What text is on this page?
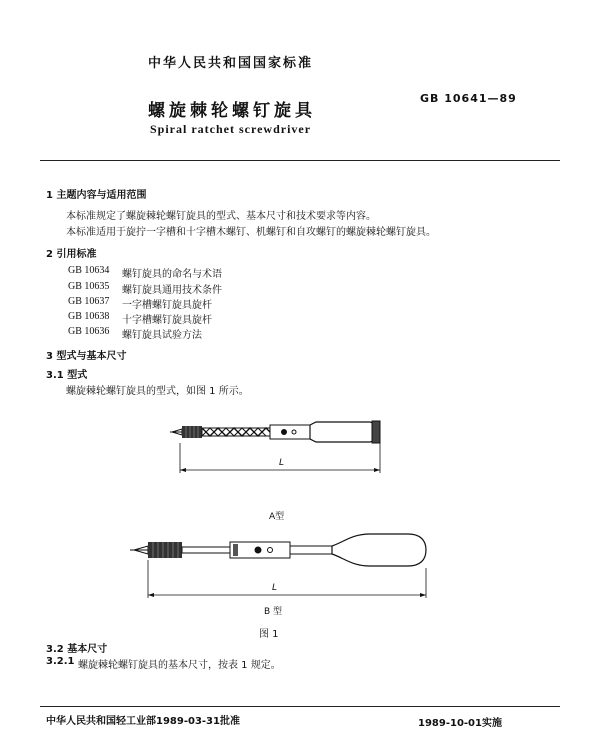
中华人民共和国国家标准
螺旋棘轮螺钉旋具
GB 10641—89
Spiral ratchet screwdriver
1 主题内容与适用范围
本标准规定了螺旋棘轮螺钉旋具的型式、基本尺寸和技术要求等内容。
本标准适用于旋拧一字槽和十字槽木螺钉、机螺钉和自攻螺钉的螺旋棘轮螺钉旋具。
2 引用标准
GB 10634 螺钉旋具的命名与术语
GB 10635 螺钉旋具通用技术条件
GB 10637 一字槽螺钉旋具旋杆
GB 10638 十字槽螺钉旋具旋杆
GB 10636 螺钉旋具试验方法
3 型式与基本尺寸
3.1 型式
螺旋棘轮螺钉旋具的型式，如图 1 所示。
L
A型
L
B 型
图 1
3.2 基本尺寸
3.2.1 螺旋棘轮螺钉旋具的基本尺寸，按表 1 规定。
中华人民共和国轻工业部1989-03-31批准	1989-10-01实施
